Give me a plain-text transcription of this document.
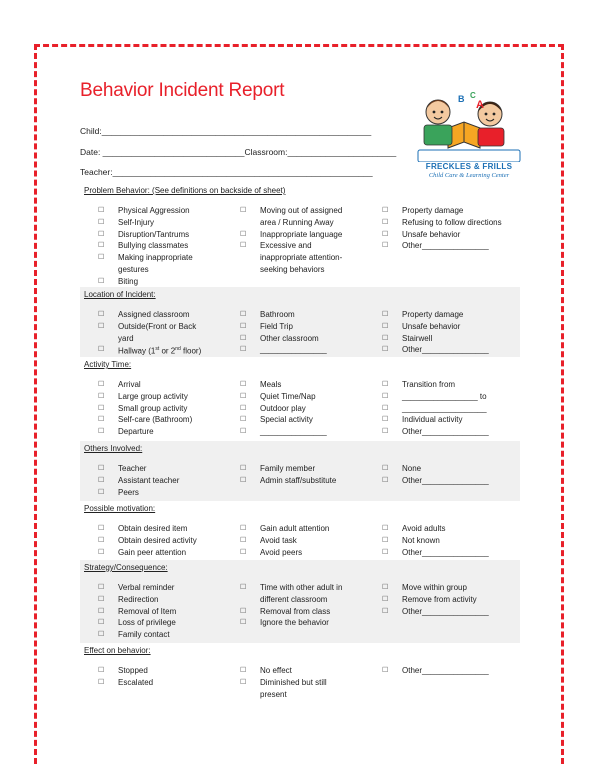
Behavior Incident Report
Child:_________________________________________________________
Date: ______________________________Classroom:_______________________
Teacher:_______________________________________________________
B C
A
FRECKLES & FRILLS
Child Care & Learning Center
Problem Behavior: (See definitions on backside of sheet)
☐ Physical Aggression
☐ Self-Injury
☐ Disruption/Tantrums
☐ Bullying classmates
☐ Making inappropriate
gestures
☐ Biting
☐ Moving out of assigned
area / Running Away
☐ Inappropriate language
☐ Excessive and
inappropriate attention-
seeking behaviors
☐ Property damage
☐ Refusing to follow directions
☐ Unsafe behavior
☐ Other_______________
Location of Incident:
☐ Assigned classroom
☐ Outside(Front or Back
yard
☐ Hallway (1st or 2nd floor)
☐ Bathroom
☐ Field Trip
☐ Other classroom
☐ _______________
☐ Property damage
☐ Unsafe behavior
☐ Stairwell
☐ Other_______________
Activity Time:
☐ Arrival
☐ Large group activity
☐ Small group activity
☐ Self-care (Bathroom)
☐ Departure
☐ Meals
☐ Quiet Time/Nap
☐ Outdoor play
☐ Special activity
☐ _______________
☐ Transition from
☐ _________________ to
☐ ___________________
☐ Individual activity
☐ Other_______________
Others Involved:
☐ Teacher
☐ Assistant teacher
☐ Peers
☐ Family member
☐ Admin staff/substitute
☐ None
☐ Other_______________
Possible motivation:
☐ Obtain desired item
☐ Obtain desired activity
☐ Gain peer attention
☐ Gain adult attention
☐ Avoid task
☐ Avoid peers
☐ Avoid adults
☐ Not known
☐ Other_______________
Strategy/Consequence:
☐ Verbal reminder
☐ Redirection
☐ Removal of Item
☐ Loss of privilege
☐ Family contact
☐ Time with other adult in
different classroom
☐ Removal from class
☐ Ignore the behavior
☐ Move within group
☐ Remove from activity
☐ Other_______________
Effect on behavior:
☐ Stopped
☐ Escalated
☐ No effect
☐ Diminished but still
present
☐ Other_______________
